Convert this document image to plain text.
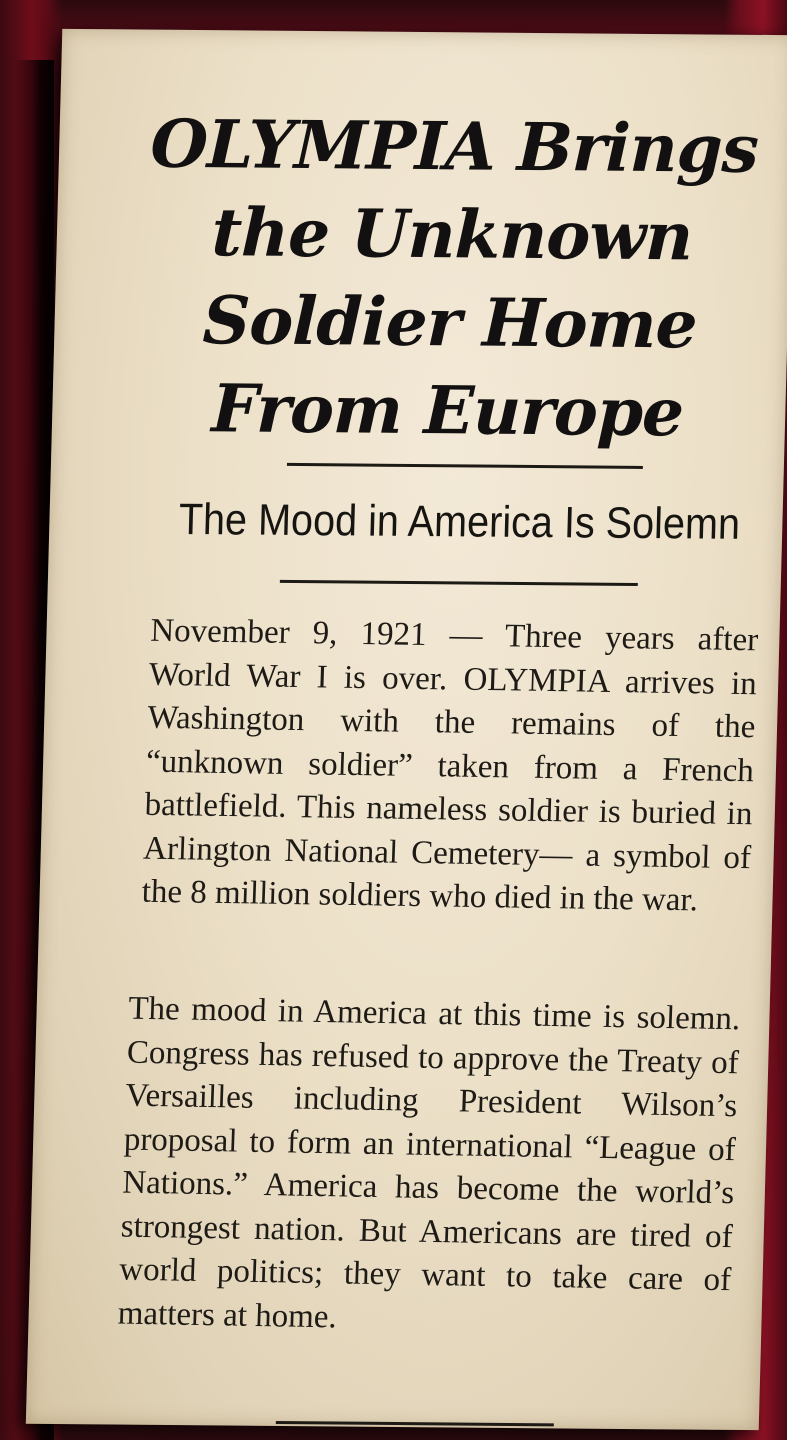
OLYMPIA Brings
the Unknown
Soldier Home
From Europe
The Mood in America Is Solemn

November 9, 1921 — Three years after World War I is over. OLYMPIA arrives in Washington with the remains of the “unknown soldier” taken from a French battlefield. This nameless soldier is buried in Arlington National Cemetery— a symbol of the 8 million soldiers who died in the war.

The mood in America at this time is solemn. Congress has refused to approve the Treaty of Versailles including President Wilson’s proposal to form an international “League of Nations.” America has become the world’s strongest nation. But Americans are tired of world politics; they want to take care of matters at home.
